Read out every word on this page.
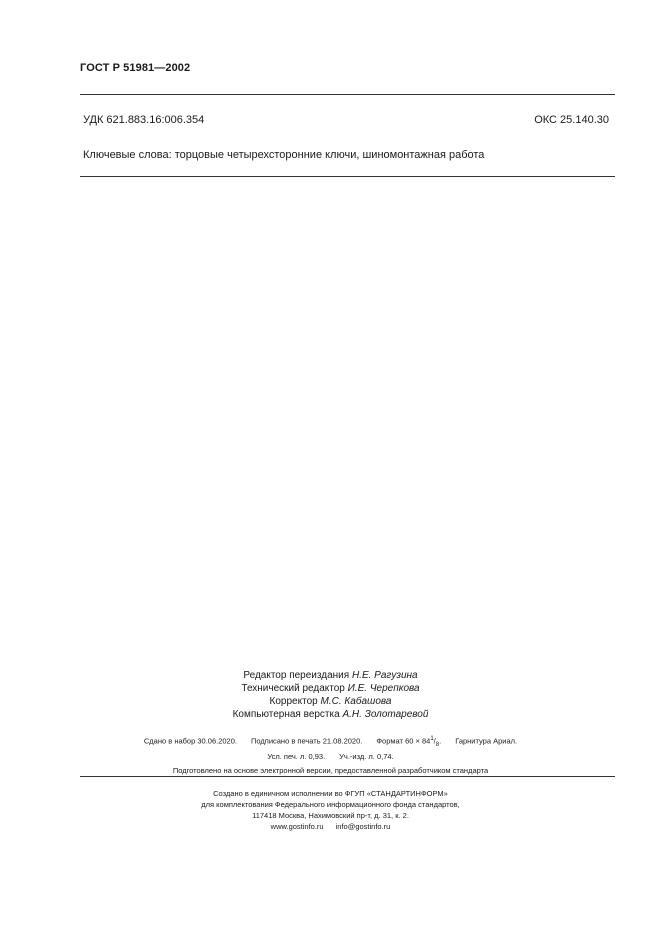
ГОСТ Р 51981—2002
УДК 621.883.16:006.354	ОКС 25.140.30
Ключевые слова: торцовые четырехсторонние ключи, шиномонтажная работа
Редактор переиздания Н.Е. Рагузина
Технический редактор И.Е. Черепкова
Корректор М.С. Кабашова
Компьютерная верстка А.Н. Золотаревой
Сдано в набор 30.06.2020. Подписано в печать 21.08.2020. Формат $60 \times 84^1/_8$. Гарнитура Ариал.
Усл. печ. л. 0,93. Уч.-изд. л. 0,74.
Подготовлено на основе электронной версии, предоставленной разработчиком стандарта
Создано в единичном исполнении во ФГУП «СТАНДАРТИНФОРМ»
для комплектования Федерального информационного фонда стандартов,
117418 Москва, Нахимовский пр-т, д. 31, к. 2.
www.gostinfo.ru info@gostinfo.ru
